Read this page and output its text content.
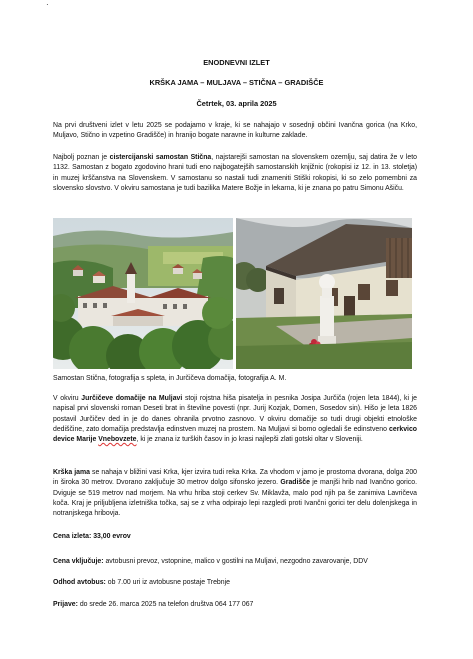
·
ENODNEVNI IZLET
KRŠKA JAMA – MULJAVA – STIČNA – GRADIŠČE
Četrtek, 03. aprila 2025

Na prvi društveni izlet v letu 2025 se podajamo v kraje, ki se nahajajo v sosednji občini Ivančna gorica (na Krko, Muljavo, Stično in vzpetino Gradišče) in hranijo bogate naravne in kulturne zaklade.

Najbolj poznan je cistercijanski samostan Stična, najstarejši samostan na slovenskem ozemlju, saj datira že v leto 1132. Samostan z bogato zgodovino hrani tudi eno najbogatejših samostanskih knjižnic (rokopisi iz 12. in 13. stoletja) in muzej krščanstva na Slovenskem. V samostanu so nastali tudi znameniti Stiški rokopisi, ki so zelo pomembni za slovensko slovstvo. V okviru samostana je tudi bazilika Matere Božje in lekarna, ki je znana po patru Simonu Ašiču.

Samostan Stična, fotografija s spleta, in Jurčičeva domačija, fotografija A. M.

V okviru Jurčičeve domačije na Muljavi stoji rojstna hiša pisatelja in pesnika Josipa Jurčiča (rojen leta 1844), ki je napisal prvi slovenski roman Deseti brat in številne povesti (npr. Jurij Kozjak, Domen, Sosedov sin). Hišo je leta 1826 postavil Jurčičev ded in je do danes ohranila prvotno zasnovo. V okviru domačije so tudi drugi objekti etnološke dediščine, zato domačija predstavlja edinstven muzej na prostem. Na Muljavi si bomo ogledali še edinstveno cerkvico device Marije Vnebovzete, ki je znana iz turških časov in jo krasi najlepši zlati gotski oltar v Sloveniji.

Krška jama se nahaja v bližini vasi Krka, kjer izvira tudi reka Krka. Za vhodom v jamo je prostorna dvorana, dolga 200 in široka 30 metrov. Dvorano zaključuje 30 metrov dolgo sifonsko jezero. Gradišče je manjši hrib nad Ivančno gorico. Dviguje se 519 metrov nad morjem. Na vrhu hriba stoji cerkev Sv. Miklavža, malo pod njih pa še zanimiva Lavričeva koča. Kraj je priljubljena izletniška točka, saj se z vrha odpirajo lepi razgledi proti Ivančni gorici ter delu dolenjskega in notranjskega hribovja.

Cena izleta: 33,00 evrov
Cena vključuje: avtobusni prevoz, vstopnine, malico v gostilni na Muljavi, nezgodno zavarovanje, DDV
Odhod avtobus: ob 7.00 uri iz avtobusne postaje Trebnje
Prijave: do srede 26. marca 2025 na telefon društva 064 177 067
